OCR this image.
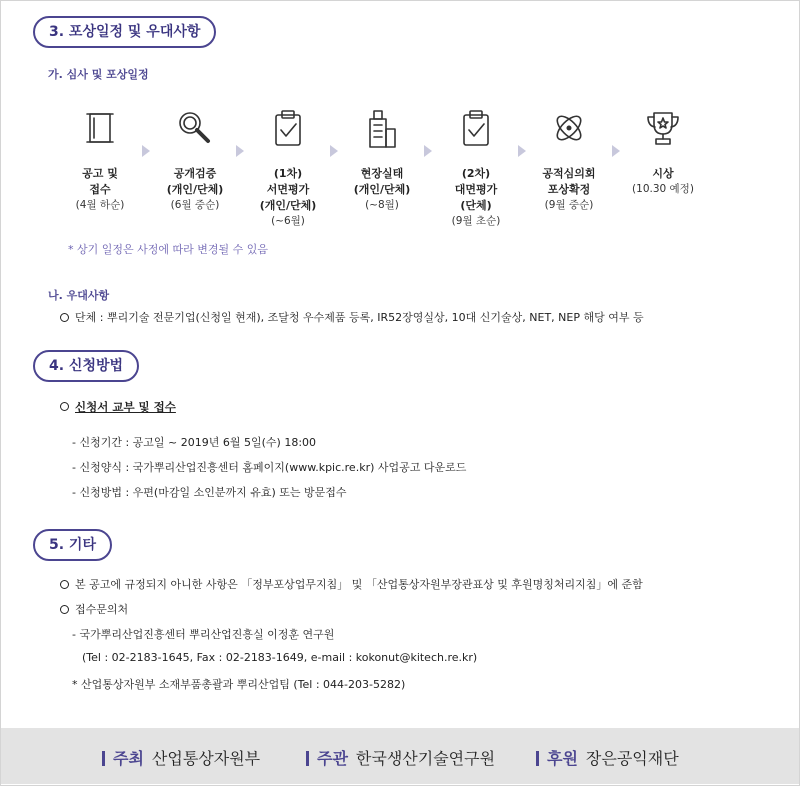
3. 포상일정 및 우대사항
가. 심사 및 포상일정
공고 및
접수
(4월 하순)
공개검증
(개인/단체)
(6월 중순)
(1차)
서면평가
(개인/단체)
(~6월)
현장실태
(개인/단체)
(~8월)
(2차)
대면평가
(단체)
(9월 초순)
공적심의회
포상확정
(9월 중순)
시상
(10.30 예정)
* 상기 일정은 사정에 따라 변경될 수 있음
나. 우대사항
단체 : 뿌리기술 전문기업(신청일 현재), 조달청 우수제품 등록, IR52장영실상, 10대 신기술상, NET, NEP 해당 여부 등
4. 신청방법
신청서 교부 및 접수
- 신청기간 : 공고일 ~ 2019년 6월 5일(수) 18:00
- 신청양식 : 국가뿌리산업진흥센터 홈페이지(www.kpic.re.kr) 사업공고 다운로드
- 신청방법 : 우편(마감일 소인분까지 유효) 또는 방문접수
5. 기타
본 공고에 규정되지 아니한 사항은 「정부포상업무지침」 및 「산업통상자원부장관표상 및 후원명칭처리지침」에 준함
접수문의처
- 국가뿌리산업진흥센터 뿌리산업진흥실 이정훈 연구원
(Tel : 02-2183-1645, Fax : 02-2183-1649, e-mail : kokonut@kitech.re.kr)
* 산업통상자원부 소재부품총괄과 뿌리산업팀 (Tel : 044-203-5282)
주최 산업통상자원부	주관 한국생산기술연구원	후원 장은공익재단
